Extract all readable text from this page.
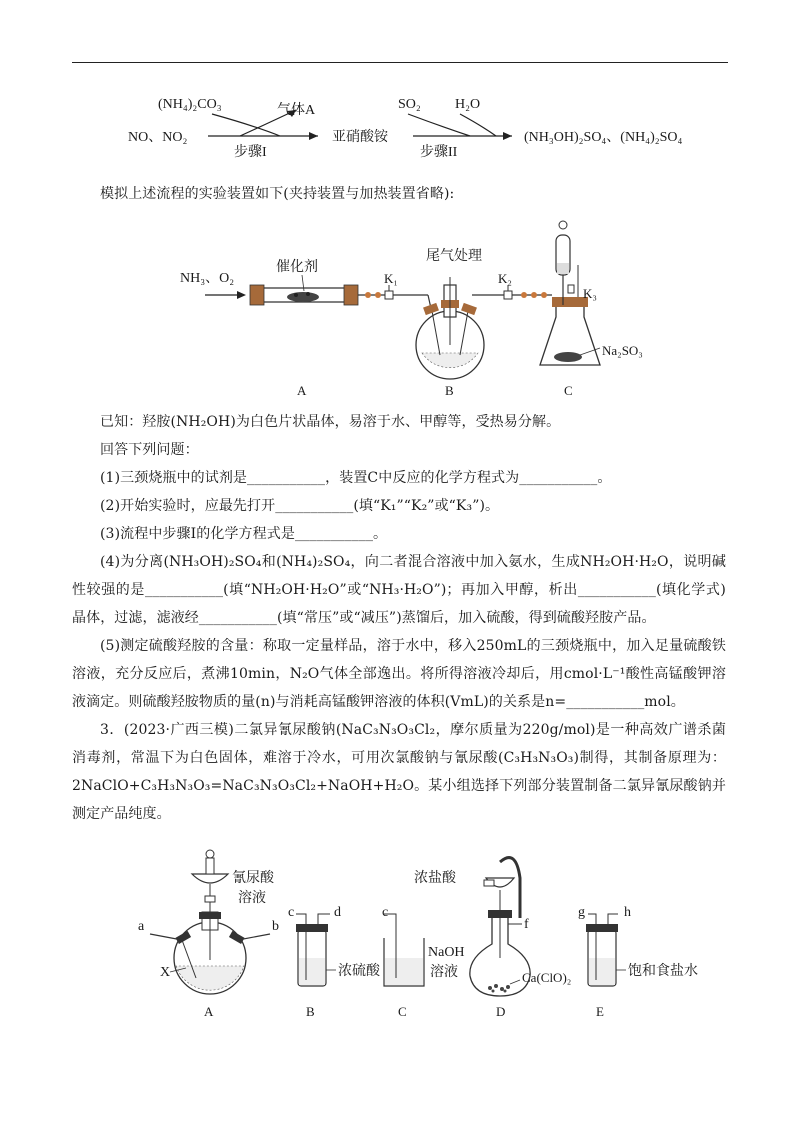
(NH₄)₂CO₃	气体A
NO、NO₂
步骤I
亚硝酸铵
SO₂ H₂O
步骤II
(NH₃OH)₂SO₄、(NH₄)₂SO₄

模拟上述流程的实验装置如下(夹持装置与加热装置省略):

NH₃、O₂
催化剂
K₁
尾气处理
B
K₂
K₃
Na₂SO₃
A	C

已知：羟胺(NH₂OH)为白色片状晶体，易溶于水、甲醇等，受热易分解。

回答下列问题：

(1)三颈烧瓶中的试剂是___________，装置C中反应的化学方程式为___________。

(2)开始实验时，应最先打开___________(填“K₁”“K₂”或“K₃”)。

(3)流程中步骤I的化学方程式是___________。

(4)为分离(NH₃OH)₂SO₄和(NH₄)₂SO₄，向二者混合溶液中加入氨水，生成NH₂OH·H₂O，说明碱性较强的是___________(填“NH₂OH·H₂O”或“NH₃·H₂O”)；再加入甲醇，析出___________(填化学式)晶体，过滤，滤液经___________(填“常压”或“减压”)蒸馏后，加入硫酸，得到硫酸羟胺产品。

(5)测定硫酸羟胺的含量：称取一定量样品，溶于水中，移入250mL的三颈烧瓶中，加入足量硫酸铁溶液，充分反应后，煮沸10min，N₂O气体全部逸出。将所得溶液冷却后，用cmol·L⁻¹酸性高锰酸钾溶液滴定。则硫酸羟胺物质的量(n)与消耗高锰酸钾溶液的体积(VmL)的关系是n=___________mol。

3．(2023·广西三模)二氯异氰尿酸钠(NaC₃N₃O₃Cl₂，摩尔质量为220g/mol)是一种高效广谱杀菌消毒剂，常温下为白色固体，难溶于冷水，可用次氯酸钠与氰尿酸(C₃H₃N₃O₃)制得，其制备原理为：2NaClO+C₃H₃N₃O₃=NaC₃N₃O₃Cl₂+NaOH+H₂O。某小组选择下列部分装置制备二氯异氰尿酸钠并测定产品纯度。

氰尿酸
溶液
a	b
X
A
c	d
浓硫酸
B
c
NaOH
溶液
C
浓盐酸
f
Ca(ClO)₂
D
g	h
饱和食盐水
E
